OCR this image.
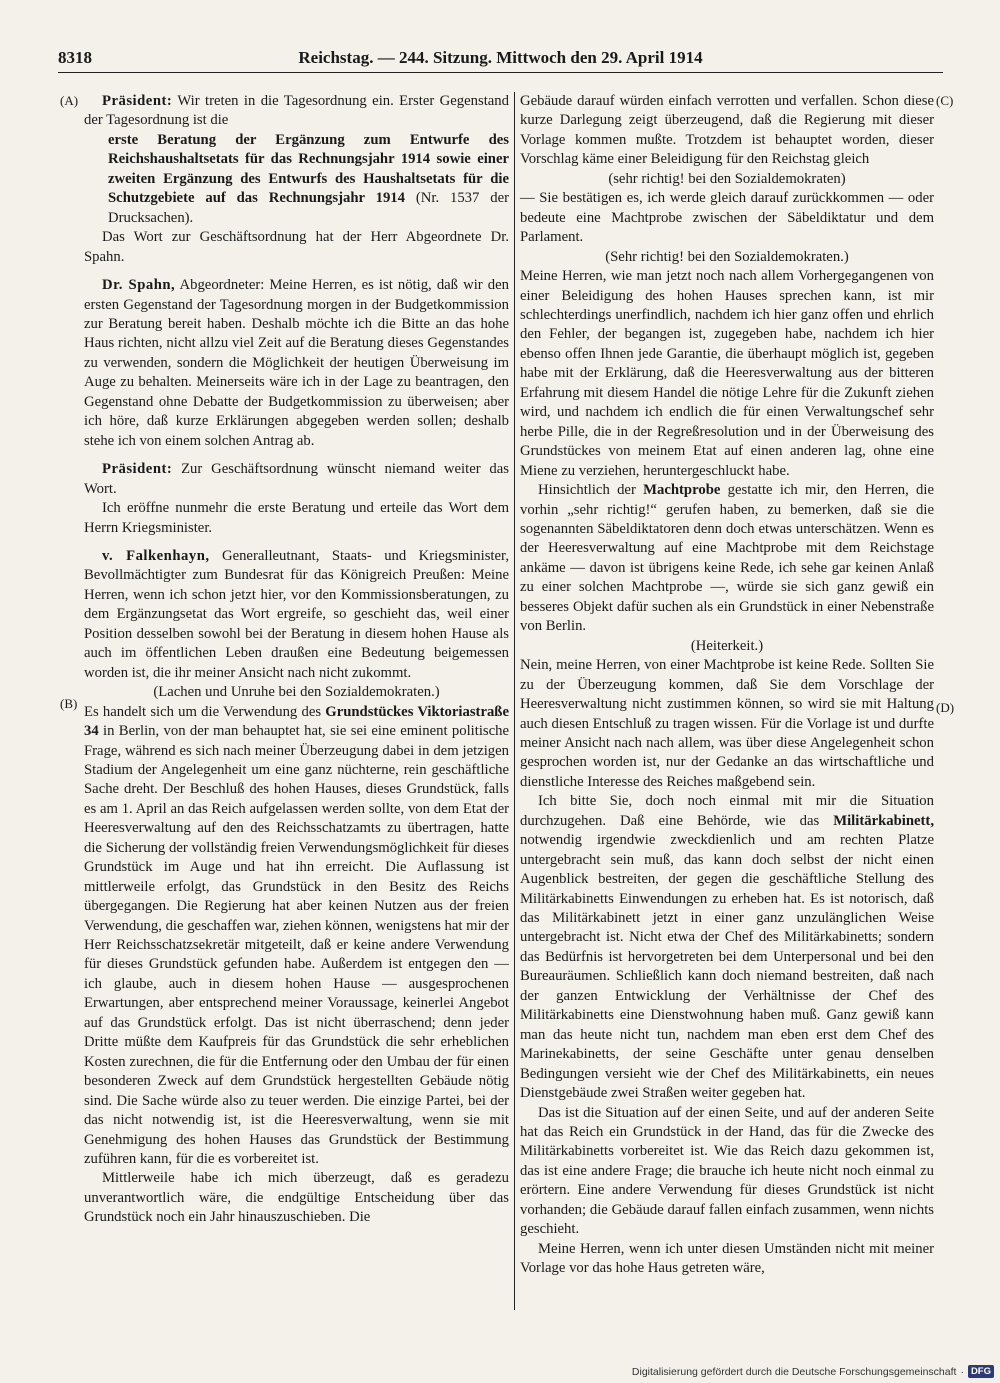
8318	Reichstag. — 244. Sitzung. Mittwoch den 29. April 1914
(A)
(B)
(C)
(D)

Präsident: Wir treten in die Tagesordnung ein. Erster Gegenstand der Tagesordnung ist die

erste Beratung der Ergänzung zum Entwurfe des Reichshaushaltsetats für das Rechnungsjahr 1914 sowie einer zweiten Ergänzung des Entwurfs des Haushaltsetats für die Schutzgebiete auf das Rechnungsjahr 1914 (Nr. 1537 der Drucksachen).

Das Wort zur Geschäftsordnung hat der Herr Abgeordnete Dr. Spahn.

Dr. Spahn, Abgeordneter: Meine Herren, es ist nötig, daß wir den ersten Gegenstand der Tagesordnung morgen in der Budgetkommission zur Beratung bereit haben. Deshalb möchte ich die Bitte an das hohe Haus richten, nicht allzu viel Zeit auf die Beratung dieses Gegenstandes zu verwenden, sondern die Möglichkeit der heutigen Überweisung im Auge zu behalten. Meinerseits wäre ich in der Lage zu beantragen, den Gegenstand ohne Debatte der Budgetkommission zu überweisen; aber ich höre, daß kurze Erklärungen abgegeben werden sollen; deshalb stehe ich von einem solchen Antrag ab.

Präsident: Zur Geschäftsordnung wünscht niemand weiter das Wort.

Ich eröffne nunmehr die erste Beratung und erteile das Wort dem Herrn Kriegsminister.

v. Falkenhayn, Generalleutnant, Staats- und Kriegsminister, Bevollmächtigter zum Bundesrat für das Königreich Preußen: Meine Herren, wenn ich schon jetzt hier, vor den Kommissionsberatungen, zu dem Ergänzungsetat das Wort ergreife, so geschieht das, weil einer Position desselben sowohl bei der Beratung in diesem hohen Hause als auch im öffentlichen Leben draußen eine Bedeutung beigemessen worden ist, die ihr meiner Ansicht nach nicht zukommt.

(Lachen und Unruhe bei den Sozialdemokraten.)

Es handelt sich um die Verwendung des Grundstückes Viktoriastraße 34 in Berlin, von der man behauptet hat, sie sei eine eminent politische Frage, während es sich nach meiner Überzeugung dabei in dem jetzigen Stadium der Angelegenheit um eine ganz nüchterne, rein geschäftliche Sache dreht. Der Beschluß des hohen Hauses, dieses Grundstück, falls es am 1. April an das Reich aufgelassen werden sollte, von dem Etat der Heeresverwaltung auf den des Reichsschatzamts zu übertragen, hatte die Sicherung der vollständig freien Verwendungsmöglichkeit für dieses Grundstück im Auge und hat ihn erreicht. Die Auflassung ist mittlerweile erfolgt, das Grundstück in den Besitz des Reichs übergegangen. Die Regierung hat aber keinen Nutzen aus der freien Verwendung, die geschaffen war, ziehen können, wenigstens hat mir der Herr Reichsschatzsekretär mitgeteilt, daß er keine andere Verwendung für dieses Grundstück gefunden habe. Außerdem ist entgegen den — ich glaube, auch in diesem hohen Hause — ausgesprochenen Erwartungen, aber entsprechend meiner Voraussage, keinerlei Angebot auf das Grundstück erfolgt. Das ist nicht überraschend; denn jeder Dritte müßte dem Kaufpreis für das Grundstück die sehr erheblichen Kosten zurechnen, die für die Entfernung oder den Umbau der für einen besonderen Zweck auf dem Grundstück hergestellten Gebäude nötig sind. Die Sache würde also zu teuer werden. Die einzige Partei, bei der das nicht notwendig ist, ist die Heeresverwaltung, wenn sie mit Genehmigung des hohen Hauses das Grundstück der Bestimmung zuführen kann, für die es vorbereitet ist.

Mittlerweile habe ich mich überzeugt, daß es geradezu unverantwortlich wäre, die endgültige Entscheidung über das Grundstück noch ein Jahr hinauszuschieben. Die

Gebäude darauf würden einfach verrotten und verfallen. Schon diese kurze Darlegung zeigt überzeugend, daß die Regierung mit dieser Vorlage kommen mußte. Trotzdem ist behauptet worden, dieser Vorschlag käme einer Beleidigung für den Reichstag gleich

(sehr richtig! bei den Sozialdemokraten)

— Sie bestätigen es, ich werde gleich darauf zurückkommen — oder bedeute eine Machtprobe zwischen der Säbeldiktatur und dem Parlament.

(Sehr richtig! bei den Sozialdemokraten.)

Meine Herren, wie man jetzt noch nach allem Vorhergegangenen von einer Beleidigung des hohen Hauses sprechen kann, ist mir schlechterdings unerfindlich, nachdem ich hier ganz offen und ehrlich den Fehler, der begangen ist, zugegeben habe, nachdem ich hier ebenso offen Ihnen jede Garantie, die überhaupt möglich ist, gegeben habe mit der Erklärung, daß die Heeresverwaltung aus der bitteren Erfahrung mit diesem Handel die nötige Lehre für die Zukunft ziehen wird, und nachdem ich endlich die für einen Verwaltungschef sehr herbe Pille, die in der Regreßresolution und in der Überweisung des Grundstückes von meinem Etat auf einen anderen lag, ohne eine Miene zu verziehen, heruntergeschluckt habe.

Hinsichtlich der Machtprobe gestatte ich mir, den Herren, die vorhin „sehr richtig!“ gerufen haben, zu bemerken, daß sie die sogenannten Säbeldiktatoren denn doch etwas unterschätzen. Wenn es der Heeresverwaltung auf eine Machtprobe mit dem Reichstage ankäme — davon ist übrigens keine Rede, ich sehe gar keinen Anlaß zu einer solchen Machtprobe —, würde sie sich ganz gewiß ein besseres Objekt dafür suchen als ein Grundstück in einer Nebenstraße von Berlin.

(Heiterkeit.)

Nein, meine Herren, von einer Machtprobe ist keine Rede. Sollten Sie zu der Überzeugung kommen, daß Sie dem Vorschlage der Heeresverwaltung nicht zustimmen können, so wird sie mit Haltung auch diesen Entschluß zu tragen wissen. Für die Vorlage ist und durfte meiner Ansicht nach nach allem, was über diese Angelegenheit schon gesprochen worden ist, nur der Gedanke an das wirtschaftliche und dienstliche Interesse des Reiches maßgebend sein.

Ich bitte Sie, doch noch einmal mit mir die Situation durchzugehen. Daß eine Behörde, wie das Militärkabinett, notwendig irgendwie zweckdienlich und am rechten Platze untergebracht sein muß, das kann doch selbst der nicht einen Augenblick bestreiten, der gegen die geschäftliche Stellung des Militärkabinetts Einwendungen zu erheben hat. Es ist notorisch, daß das Militärkabinett jetzt in einer ganz unzulänglichen Weise untergebracht ist. Nicht etwa der Chef des Militärkabinetts; sondern das Bedürfnis ist hervorgetreten bei dem Unterpersonal und bei den Bureauräumen. Schließlich kann doch niemand bestreiten, daß nach der ganzen Entwicklung der Verhältnisse der Chef des Militärkabinetts eine Dienstwohnung haben muß. Ganz gewiß kann man das heute nicht tun, nachdem man eben erst dem Chef des Marinekabinetts, der seine Geschäfte unter genau denselben Bedingungen versieht wie der Chef des Militärkabinetts, ein neues Dienstgebäude zwei Straßen weiter gegeben hat.

Das ist die Situation auf der einen Seite, und auf der anderen Seite hat das Reich ein Grundstück in der Hand, das für die Zwecke des Militärkabinetts vorbereitet ist. Wie das Reich dazu gekommen ist, das ist eine andere Frage; die brauche ich heute nicht noch einmal zu erörtern. Eine andere Verwendung für dieses Grundstück ist nicht vorhanden; die Gebäude darauf fallen einfach zusammen, wenn nichts geschieht.

Meine Herren, wenn ich unter diesen Umständen nicht mit meiner Vorlage vor das hohe Haus getreten wäre,

Digitalisierung gefördert durch die Deutsche Forschungsgemeinschaft · DFG
